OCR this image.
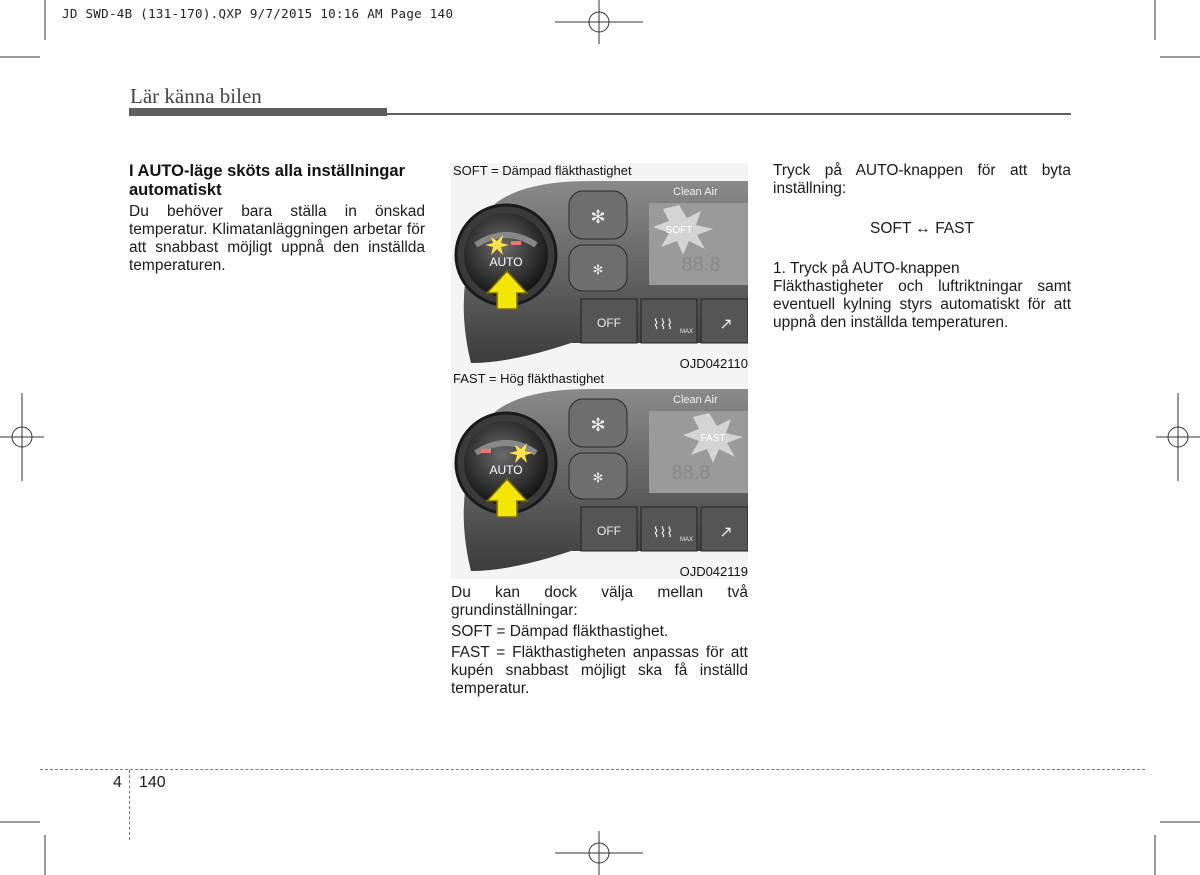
JD SWD-4B (131-170).QXP 9/7/2015 10:16 AM Page 140
Lär känna bilen
I AUTO-läge sköts alla inställningar automatiskt

Du behöver bara ställa in önskad temperatur. Klimatanläggningen arbetar för att snabbast möjligt uppnå den inställda temperaturen.

SOFT = Dämpad fläkthastighet
✻
✻
Clean Air
SOFT
88.8
OFF ⌇⌇⌇ MAX ↗
AUTO
OJD042110
FAST = Hög fläkthastighet
✻
✻
Clean Air
FAST
88.8
OFF ⌇⌇⌇ MAX ↗
AUTO
OJD042119

Du kan dock välja mellan två grundinställningar:

SOFT = Dämpad fläkthastighet.

FAST = Fläkthastigheten anpassas för att kupén snabbast möjligt ska få inställd temperatur.

Tryck på AUTO-knappen för att byta inställning:

SOFT ↔ FAST

1. Tryck på AUTO-knappen

Fläkthastigheter och luftriktningar samt eventuell kylning styrs automatiskt för att uppnå den inställda temperaturen.

4 140
